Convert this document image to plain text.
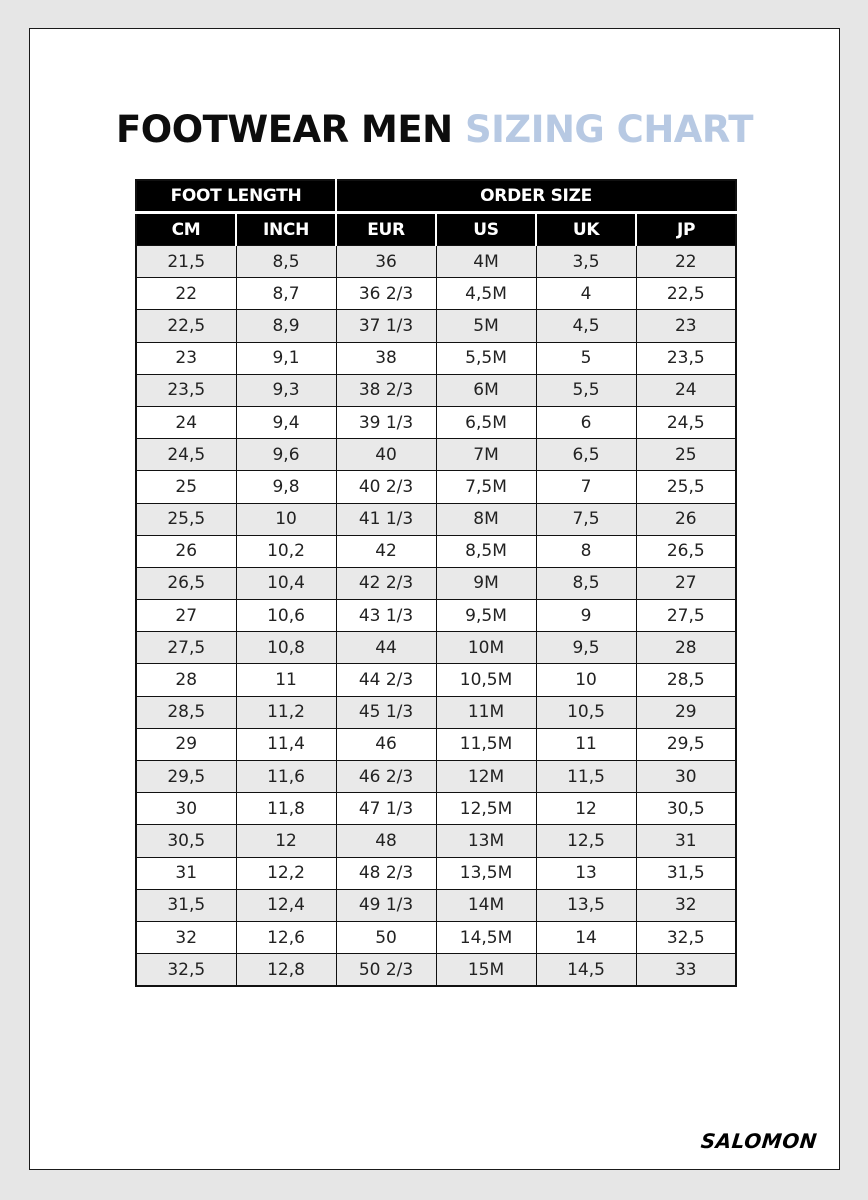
FOOTWEAR MEN SIZING CHART
FOOT LENGTH		ORDER SIZE			
CM	INCH	EUR	US	UK	JP
21,5	8,5	36	4M	3,5	22
22	8,7	36 2/3	4,5M	4	22,5
22,5	8,9	37 1/3	5M	4,5	23
23	9,1	38	5,5M	5	23,5
23,5	9,3	38 2/3	6M	5,5	24
24	9,4	39 1/3	6,5M	6	24,5
24,5	9,6	40	7M	6,5	25
25	9,8	40 2/3	7,5M	7	25,5
25,5	10	41 1/3	8M	7,5	26
26	10,2	42	8,5M	8	26,5
26,5	10,4	42 2/3	9M	8,5	27
27	10,6	43 1/3	9,5M	9	27,5
27,5	10,8	44	10M	9,5	28
28	11	44 2/3	10,5M	10	28,5
28,5	11,2	45 1/3	11M	10,5	29
29	11,4	46	11,5M	11	29,5
29,5	11,6	46 2/3	12M	11,5	30
30	11,8	47 1/3	12,5M	12	30,5
30,5	12	48	13M	12,5	31
31	12,2	48 2/3	13,5M	13	31,5
31,5	12,4	49 1/3	14M	13,5	32
32	12,6	50	14,5M	14	32,5
32,5	12,8	50 2/3	15M	14,5	33
SALOMON
